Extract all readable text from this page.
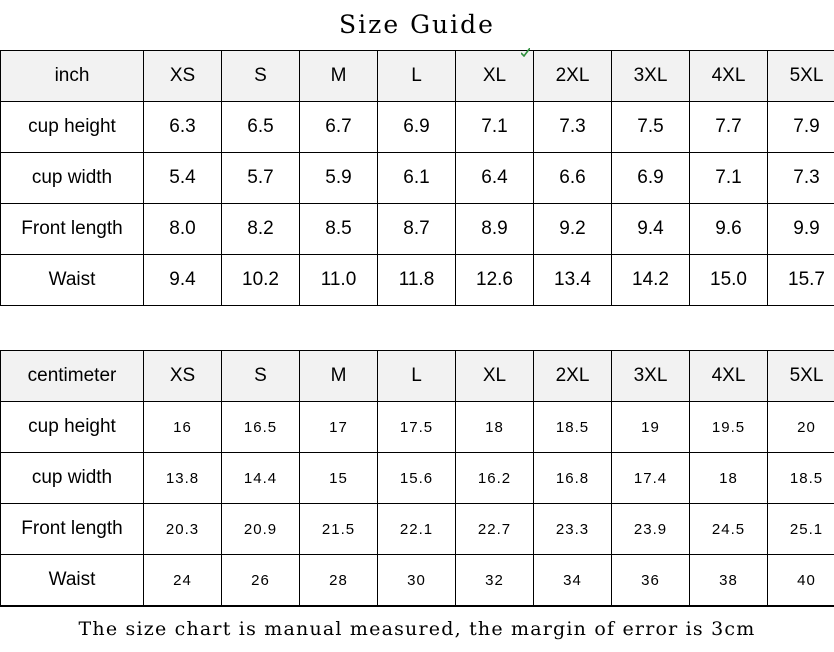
Size Guide
inch	XS	S	M	L	XL	2XL	3XL	4XL	5XL
cup height	6.3	6.5	6.7	6.9	7.1	7.3	7.5	7.7	7.9
cup width	5.4	5.7	5.9	6.1	6.4	6.6	6.9	7.1	7.3
Front length	8.0	8.2	8.5	8.7	8.9	9.2	9.4	9.6	9.9
Waist	9.4	10.2	11.0	11.8	12.6	13.4	14.2	15.0	15.7
centimeter	XS	S	M	L	XL	2XL	3XL	4XL	5XL
cup height	16	16.5	17	17.5	18	18.5	19	19.5	20
cup width	13.8	14.4	15	15.6	16.2	16.8	17.4	18	18.5
Front length	20.3	20.9	21.5	22.1	22.7	23.3	23.9	24.5	25.1
Waist	24	26	28	30	32	34	36	38	40
The size chart is manual measured, the margin of error is 3cm
